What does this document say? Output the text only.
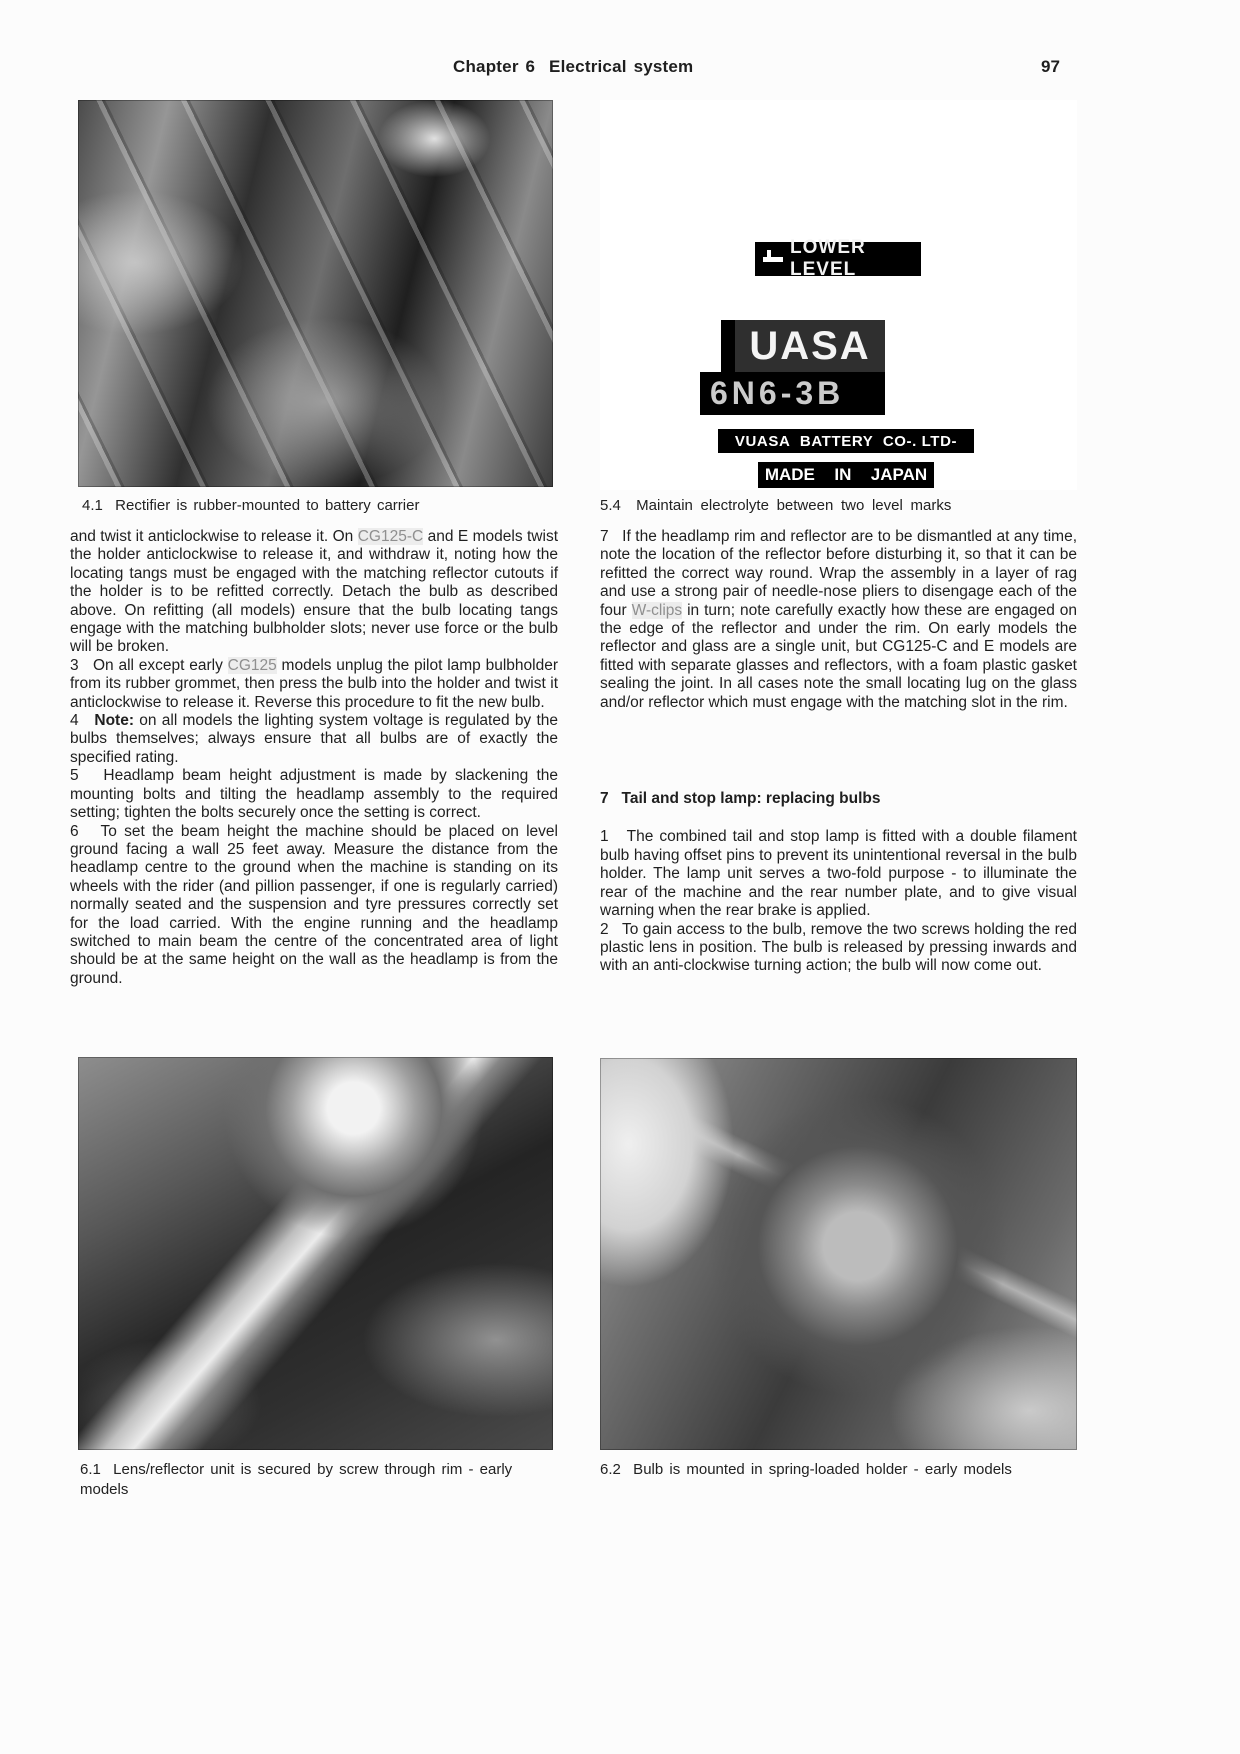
Chapter 6  Electrical system	97
4.1  Rectifier is rubber-mounted to battery carrier
LOWER LEVEL
UASA
6N6-3B
VUASA  BATTERY  CO-. LTD-
MADE  IN  JAPAN
5.4  Maintain electrolyte between two level marks

and twist it anticlockwise to release it. On CG125-C and E models twist the holder anticlockwise to release it, and withdraw it, noting how the locating tangs must be engaged with the matching reflector cutouts if the holder is to be refitted correctly. Detach the bulb as described above. On refitting (all models) ensure that the bulb locating tangs engage with the matching bulbholder slots; never use force or the bulb will be broken.

3   On all except early CG125 models unplug the pilot lamp bulbholder from its rubber grommet, then press the bulb into the holder and twist it anticlockwise to release it. Reverse this procedure to fit the new bulb.

4   Note: on all models the lighting system voltage is regulated by the bulbs themselves; always ensure that all bulbs are of exactly the specified rating.

5   Headlamp beam height adjustment is made by slackening the mounting bolts and tilting the headlamp assembly to the required setting; tighten the bolts securely once the setting is correct.

6   To set the beam height the machine should be placed on level ground facing a wall 25 feet away. Measure the distance from the headlamp centre to the ground when the machine is standing on its wheels with the rider (and pillion passenger, if one is regularly carried) normally seated and the suspension and tyre pressures correctly set for the load carried. With the engine running and the headlamp switched to main beam the centre of the concentrated area of light should be at the same height on the wall as the headlamp is from the ground.

7   If the headlamp rim and reflector are to be dismantled at any time, note the location of the reflector before disturbing it, so that it can be refitted the correct way round. Wrap the assembly in a layer of rag and use a strong pair of needle-nose pliers to disengage each of the four W-clips in turn; note carefully exactly how these are engaged on the edge of the reflector and under the rim. On early models the reflector and glass are a single unit, but CG125-C and E models are fitted with separate glasses and reflectors, with a foam plastic gasket sealing the joint. In all cases note the small locating lug on the glass and/or reflector which must engage with the matching slot in the rim.

7   Tail and stop lamp: replacing bulbs

1   The combined tail and stop lamp is fitted with a double filament bulb having offset pins to prevent its unintentional reversal in the bulb holder. The lamp unit serves a two-fold purpose - to illuminate the rear of the machine and the rear number plate, and to give visual warning when the rear brake is applied.

2   To gain access to the bulb, remove the two screws holding the red plastic lens in position. The bulb is released by pressing inwards and with an anti-clockwise turning action; the bulb will now come out.

6.1  Lens/reflector unit is secured by screw through rim - early models
6.2  Bulb is mounted in spring-loaded holder - early models
